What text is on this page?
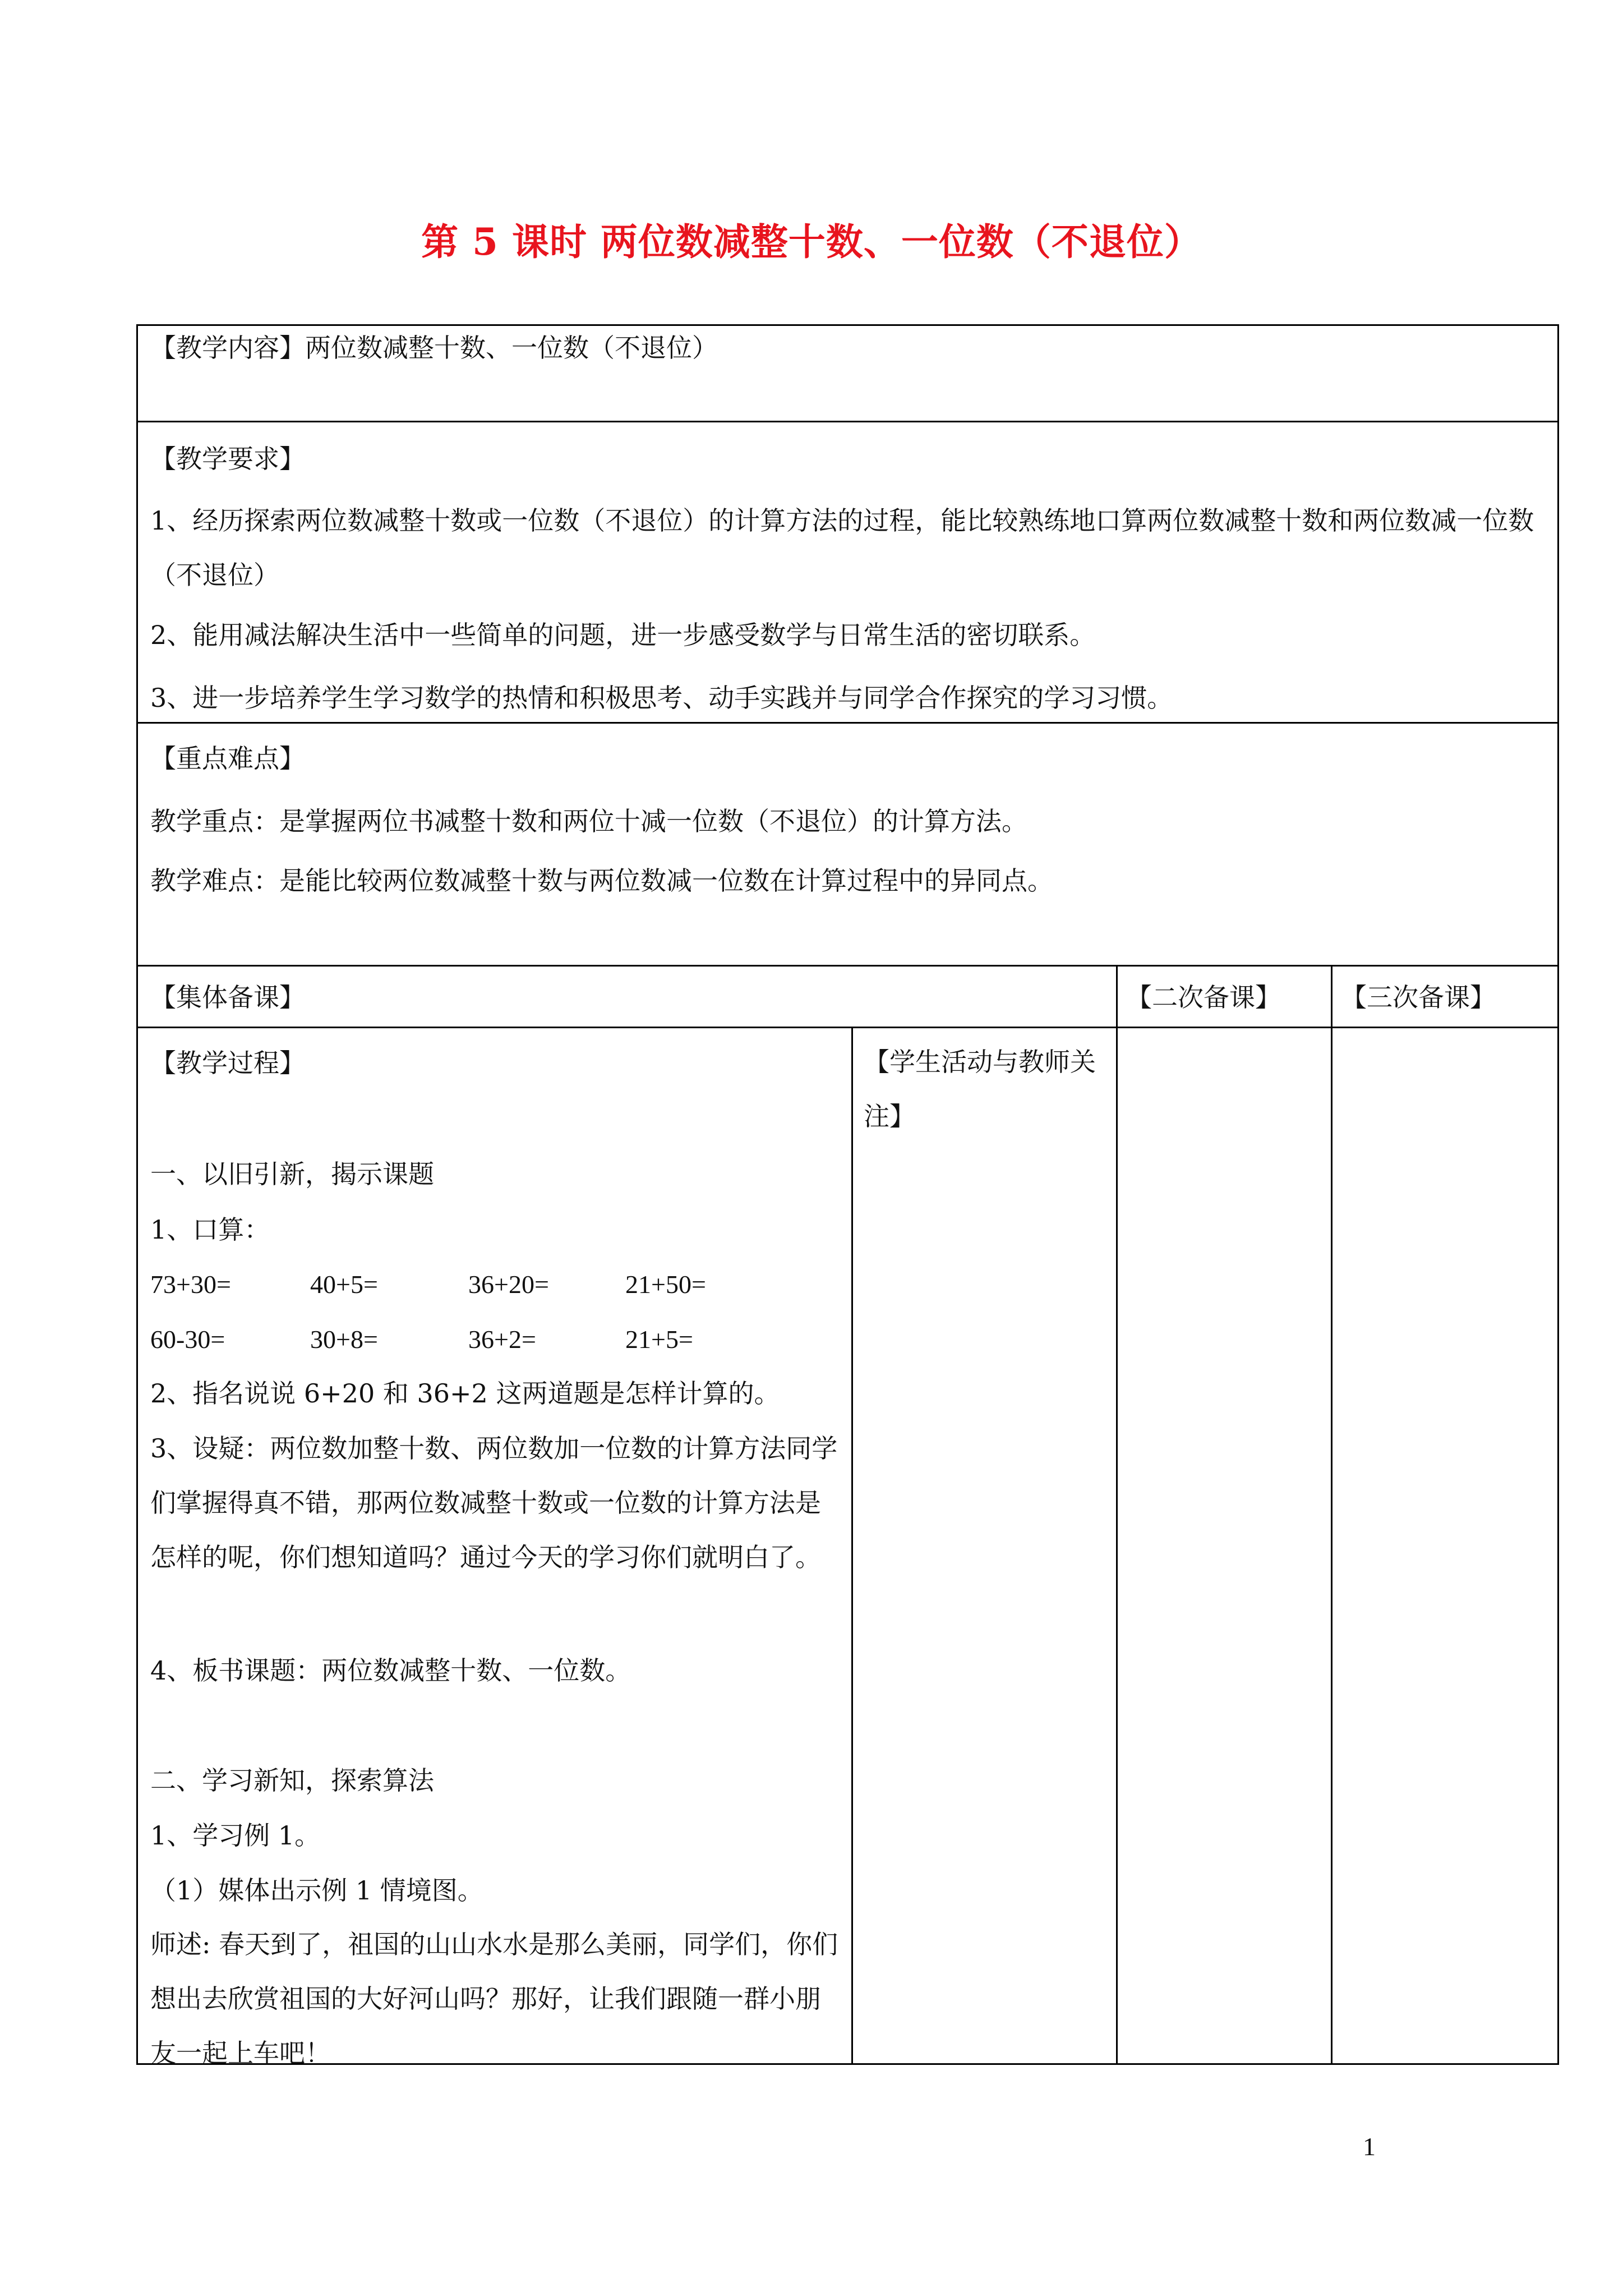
第 5 课时 两位数减整十数、一位数（不退位）
【教学内容】两位数减整十数、一位数（不退位）
【教学要求】
1、经历探索两位数减整十数或一位数（不退位）的计算方法的过程，能比较熟练地口算两位数减整十数和两位数减一位数（不退位）
2、能用减法解决生活中一些简单的问题，进一步感受数学与日常生活的密切联系。
3、进一步培养学生学习数学的热情和积极思考、动手实践并与同学合作探究的学习习惯。
【重点难点】
教学重点：是掌握两位书减整十数和两位十减一位数（不退位）的计算方法。
教学难点：是能比较两位数减整十数与两位数减一位数在计算过程中的异同点。
【集体备课】	【二次备课】 【三次备课】
【教学过程】	【学生活动与教师关注】
一、以旧引新，揭示课题
1、口算：
73+30=	40+5=	36+20=	21+50=
60-30=	30+8=	36+2=	21+5=
2、指名说说 6+20 和 36+2 这两道题是怎样计算的。
3、设疑：两位数加整十数、两位数加一位数的计算方法同学们掌握得真不错，那两位数减整十数或一位数的计算方法是怎样的呢，你们想知道吗？通过今天的学习你们就明白了。
4、板书课题：两位数减整十数、一位数。
二、学习新知，探索算法
1、学习例 1。
（1）媒体出示例 1 情境图。
师述: 春天到了，祖国的山山水水是那么美丽，同学们，你们想出去欣赏祖国的大好河山吗？那好，让我们跟随一群小朋友一起上车吧！
1
